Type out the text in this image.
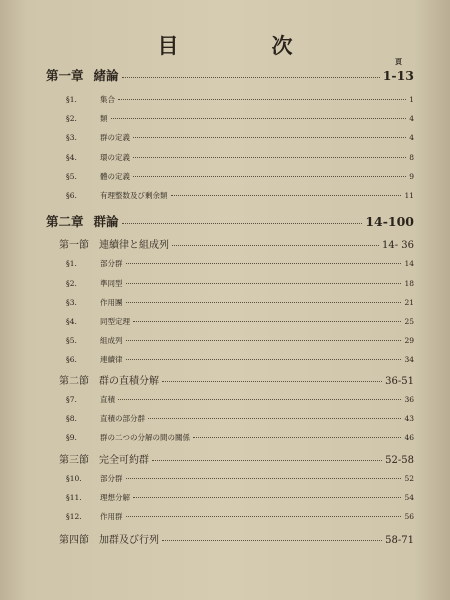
目　次
頁
第一章 緒論	1-13
§1.	集合	1
§2.	類	4
§3.	群の定義	4
§4.	環の定義	8
§5.	體の定義	9
§6.	有理整数及び剰余類	11
第二章 群論	14-100
第一節 連續律と組成列	14- 36
§1.	部分群	14
§2.	準同型	18
§3.	作用團	21
§4.	同型定理	25
§5.	組成列	29
§6.	連續律	34
第二節 群の直積分解	36-51
§7.	直積	36
§8.	直積の部分群	43
§9.	群の二つの分解の間の關係	46
第三節 完全可約群	52-58
§10.	部分群	52
§11.	理想分解	54
§12.	作用群	56
第四節 加群及び行列	58-71
